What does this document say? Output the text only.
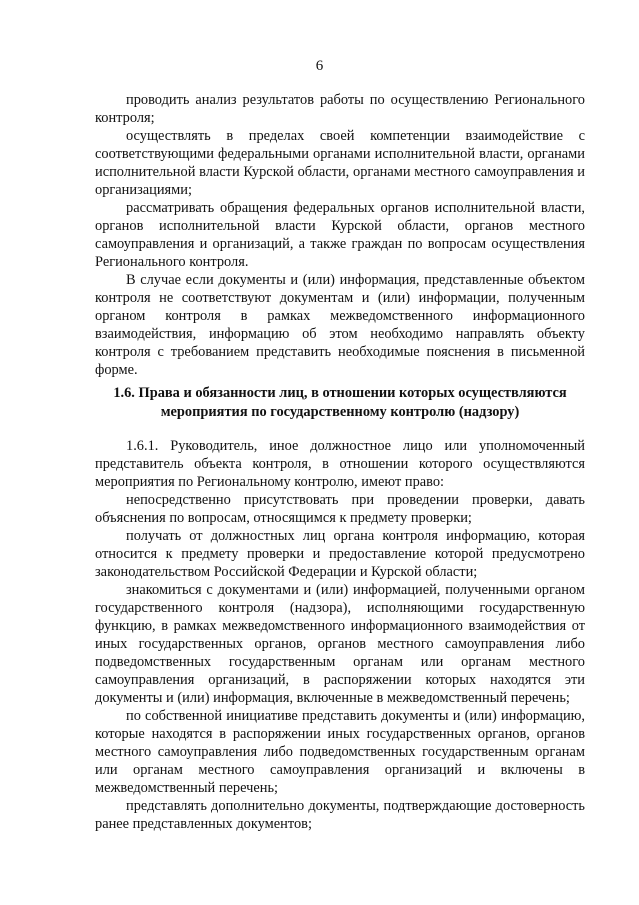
6

проводить анализ результатов работы по осуществлению Регионального контроля;

осуществлять в пределах своей компетенции взаимодействие с соответствующими федеральными органами исполнительной власти, органами исполнительной власти Курской области, органами местного самоуправления и организациями;

рассматривать обращения федеральных органов исполнительной власти, органов исполнительной власти Курской области, органов местного самоуправления и организаций, а также граждан по вопросам осуществления Регионального контроля.

В случае если документы и (или) информация, представленные объектом контроля не соответствуют документам и (или) информации, полученным органом контроля в рамках межведомственного информационного взаимодействия, информацию об этом необходимо направлять объекту контроля с требованием представить необходимые пояснения в письменной форме.

1.6. Права и обязанности лиц, в отношении которых осуществляются
мероприятия по государственному контролю (надзору)

1.6.1. Руководитель, иное должностное лицо или уполномоченный представитель объекта контроля, в отношении которого осуществляются мероприятия по Региональному контролю, имеют право:

непосредственно присутствовать при проведении проверки, давать объяснения по вопросам, относящимся к предмету проверки;

получать от должностных лиц органа контроля информацию, которая относится к предмету проверки и предоставление которой предусмотрено законодательством Российской Федерации и Курской области;

знакомиться с документами и (или) информацией, полученными органом государственного контроля (надзора), исполняющими государственную функцию, в рамках межведомственного информационного взаимодействия от иных государственных органов, органов местного самоуправления либо подведомственных государственным органам или органам местного самоуправления организаций, в распоряжении которых находятся эти документы и (или) информация, включенные в межведомственный перечень;

по собственной инициативе представить документы и (или) информацию, которые находятся в распоряжении иных государственных органов, органов местного самоуправления либо подведомственных государственным органам или органам местного самоуправления организаций и включены в межведомственный перечень;

представлять дополнительно документы, подтверждающие достоверность ранее представленных документов;
